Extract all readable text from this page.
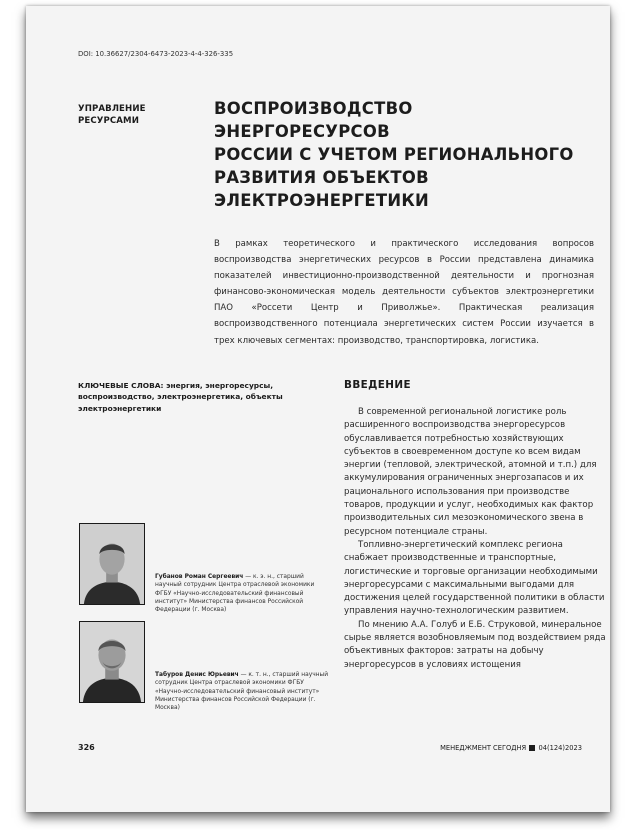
DOI: 10.36627/2304-6473-2023-4-4-326-335
УПРАВЛЕНИЕ
РЕСУРСАМИ
ВОСПРОИЗВОДСТВО ЭНЕРГОРЕСУРСОВ
РОССИИ С УЧЕТОМ РЕГИОНАЛЬНОГО
РАЗВИТИЯ ОБЪЕКТОВ ЭЛЕКТРОЭНЕРГЕТИКИ

В рамках теоретического и практического исследования вопросов воспроизводства энергетических ресурсов в России представлена динамика показателей инвестиционно-производственной деятельности и прогнозная финансово-экономическая модель деятельности субъектов электроэнергетики ПАО «Россети Центр и Приволжье». Практическая реализация воспроизводственного потенциала энергетических систем России изучается в трех ключевых сегментах: производство, транспортировка, логистика.

КЛЮЧЕВЫЕ СЛОВА: энергия, энергоресурсы, воспроизводство, электроэнергетика, объекты электроэнергетики

ВВЕДЕНИЕ

В современной региональной логистике роль расширенного воспроизводства энергоресурсов обуславливается потребностью хозяйствующих субъектов в своевременном доступе ко всем видам энергии (тепловой, электрической, атомной и т.п.) для аккумулирования ограниченных энергозапасов и их рационального использования при производстве товаров, продукции и услуг, необходимых как фактор производительных сил мезоэкономического звена в ресурсном потенциале страны.

Топливно-энергетический комплекс региона снабжает производственные и транспортные, логистические и торговые организации необходимыми энергоресурсами с максимальными выгодами для достижения целей государственной политики в области управления научно-технологическим развитием.

По мнению А.А. Голуб и Е.Б. Струковой, минеральное сырье является возобновляемым под воздействием ряда объективных факторов: затраты на добычу энергоресурсов в условиях истощения

Губанов Роман Сергеевич — к. э. н., старший научный сотрудник Центра отраслевой экономики ФГБУ «Научно-исследовательский финансовый институт» Министерства финансов Российской Федерации (г. Москва)

Табуров Денис Юрьевич — к. т. н., старший научный сотрудник Центра отраслевой экономики ФГБУ «Научно-исследовательский финансовый институт» Министерства финансов Российской Федерации (г. Москва)

326	МЕНЕДЖМЕНТ СЕГОДНЯ 04(124)2023
